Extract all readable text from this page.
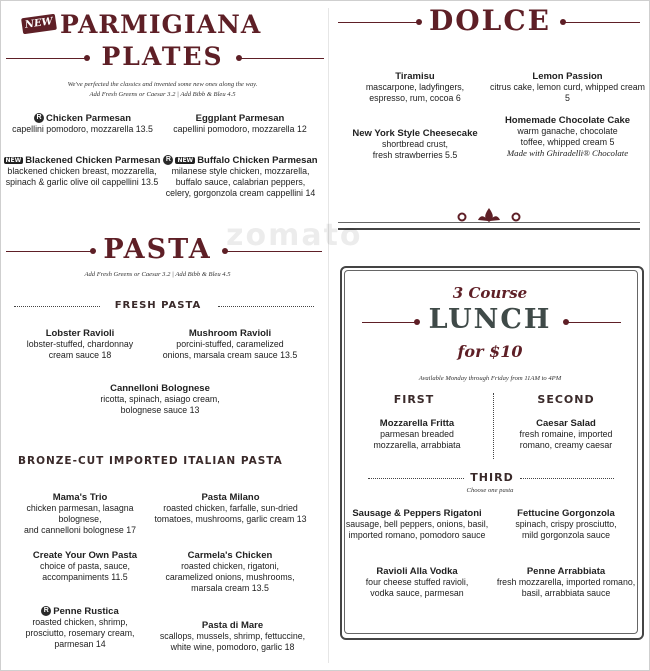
NEW PARMIGIANA
PLATES
We've perfected the classics and invented some new ones along the way.
Add Fresh Greens or Caesar 3.2 | Add Bibb & Bleu 4.5
R Chicken Parmesan
capellini pomodoro, mozzarella 13.5
Eggplant Parmesan
capellini pomodoro, mozzarella 12
NEW Blackened Chicken Parmesan
blackened chicken breast, mozzarella,
spinach & garlic olive oil cappellini 13.5
R NEW Buffalo Chicken Parmesan
milanese style chicken, mozzarella,
buffalo sauce, calabrian peppers,
celery, gorgonzola cream cappellini 14
PASTA
Add Fresh Greens or Caesar 3.2 | Add Bibb & Bleu 4.5
FRESH PASTA
Lobster Ravioli
lobster-stuffed, chardonnay
cream sauce 18
Mushroom Ravioli
porcini-stuffed, caramelized
onions, marsala cream sauce 13.5
Cannelloni Bolognese
ricotta, spinach, asiago cream,
bolognese sauce 13
BRONZE-CUT IMPORTED ITALIAN PASTA
Mama's Trio
chicken parmesan, lasagna bolognese,
and cannelloni bolognese 17
Pasta Milano
roasted chicken, farfalle, sun-dried
tomatoes, mushrooms, garlic cream 13
Create Your Own Pasta
choice of pasta, sauce,
accompaniments 11.5
Carmela's Chicken
roasted chicken, rigatoni,
caramelized onions, mushrooms,
marsala cream 13.5
R Penne Rustica
roasted chicken, shrimp,
prosciutto, rosemary cream,
parmesan 14
Pasta di Mare
scallops, mussels, shrimp, fettuccine,
white wine, pomodoro, garlic 18
DOLCE
Tiramisu
mascarpone, ladyfingers,
espresso, rum, cocoa 6
Lemon Passion
citrus cake, lemon curd, whipped cream 5
New York Style Cheesecake
shortbread crust,
fresh strawberries 5.5
Homemade Chocolate Cake
warm ganache, chocolate
toffee, whipped cream 5
Made with Ghiradelli® Chocolate
zomato
3 Course
LUNCH
for $10
Available Monday through Friday from 11AM to 4PM
FIRST	SECOND
Mozzarella Fritta
parmesan breaded
mozzarella, arrabbiata
Caesar Salad
fresh romaine, imported
romano, creamy caesar
THIRD
Choose one pasta
Sausage & Peppers Rigatoni
sausage, bell peppers, onions, basil,
imported romano, pomodoro sauce
Fettucine Gorgonzola
spinach, crispy prosciutto,
mild gorgonzola sauce
Ravioli Alla Vodka
four cheese stuffed ravioli,
vodka sauce, parmesan
Penne Arrabbiata
fresh mozzarella, imported romano,
basil, arrabbiata sauce
